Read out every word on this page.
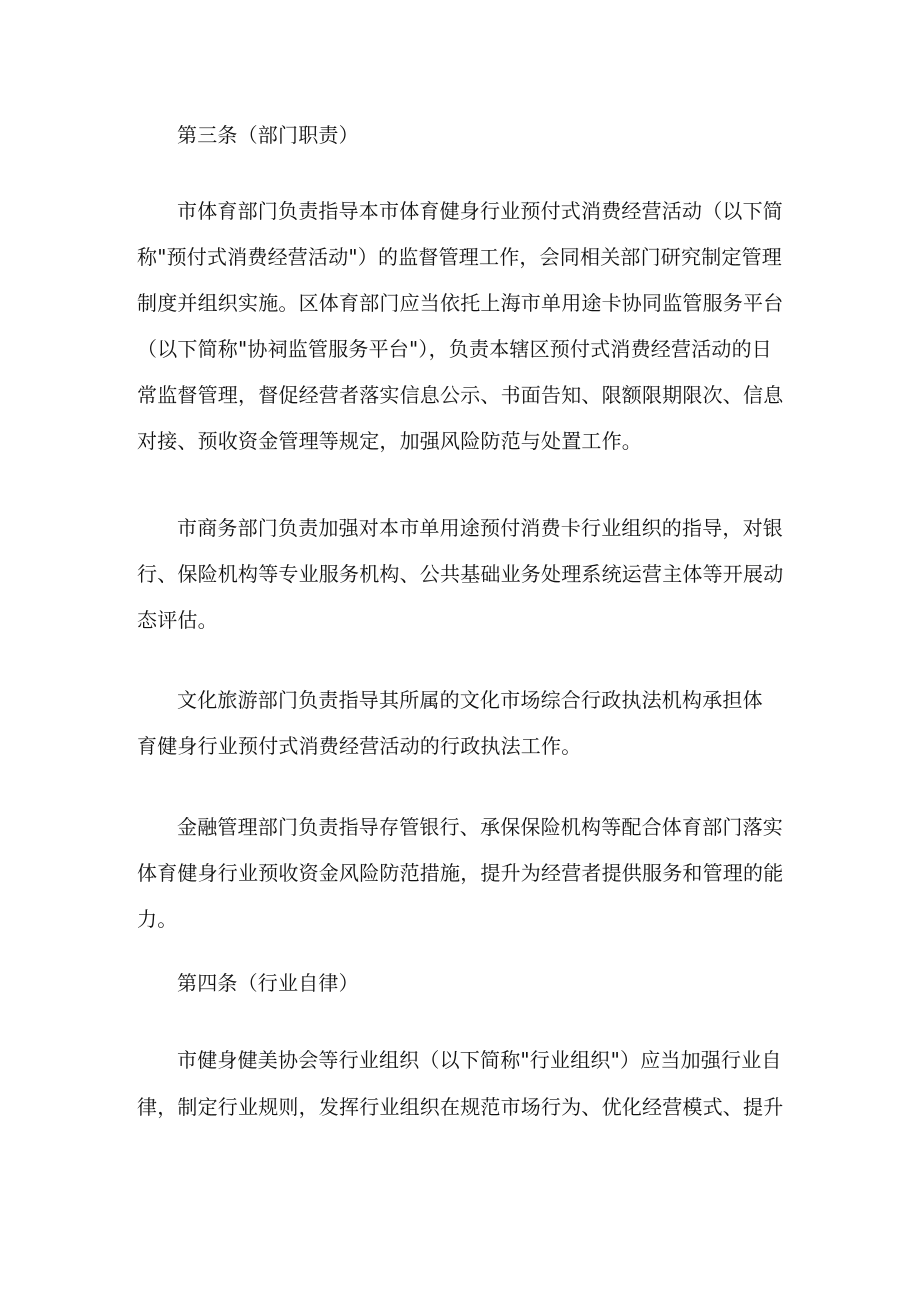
第三条（部门职责）
市体育部门负责指导本市体育健身行业预付式消费经营活动（以下简
称"预付式消费经营活动"）的监督管理工作，会同相关部门研究制定管理
制度并组织实施。区体育部门应当依托上海市单用途卡协同监管服务平台
（以下简称"协祠监管服务平台"），负责本辖区预付式消费经营活动的日
常监督管理，督促经营者落实信息公示、书面告知、限额限期限次、信息
对接、预收资金管理等规定，加强风险防范与处置工作。
市商务部门负责加强对本市单用途预付消费卡行业组织的指导，对银
行、保险机构等专业服务机构、公共基础业务处理系统运营主体等开展动
态评估。
文化旅游部门负责指导其所属的文化市场综合行政执法机构承担体
育健身行业预付式消费经营活动的行政执法工作。
金融管理部门负责指导存管银行、承保保险机构等配合体育部门落实
体育健身行业预收资金风险防范措施，提升为经营者提供服务和管理的能
力。
第四条（行业自律）
市健身健美协会等行业组织（以下简称"行业组织"）应当加强行业自
律，制定行业规则，发挥行业组织在规范市场行为、优化经营模式、提升
